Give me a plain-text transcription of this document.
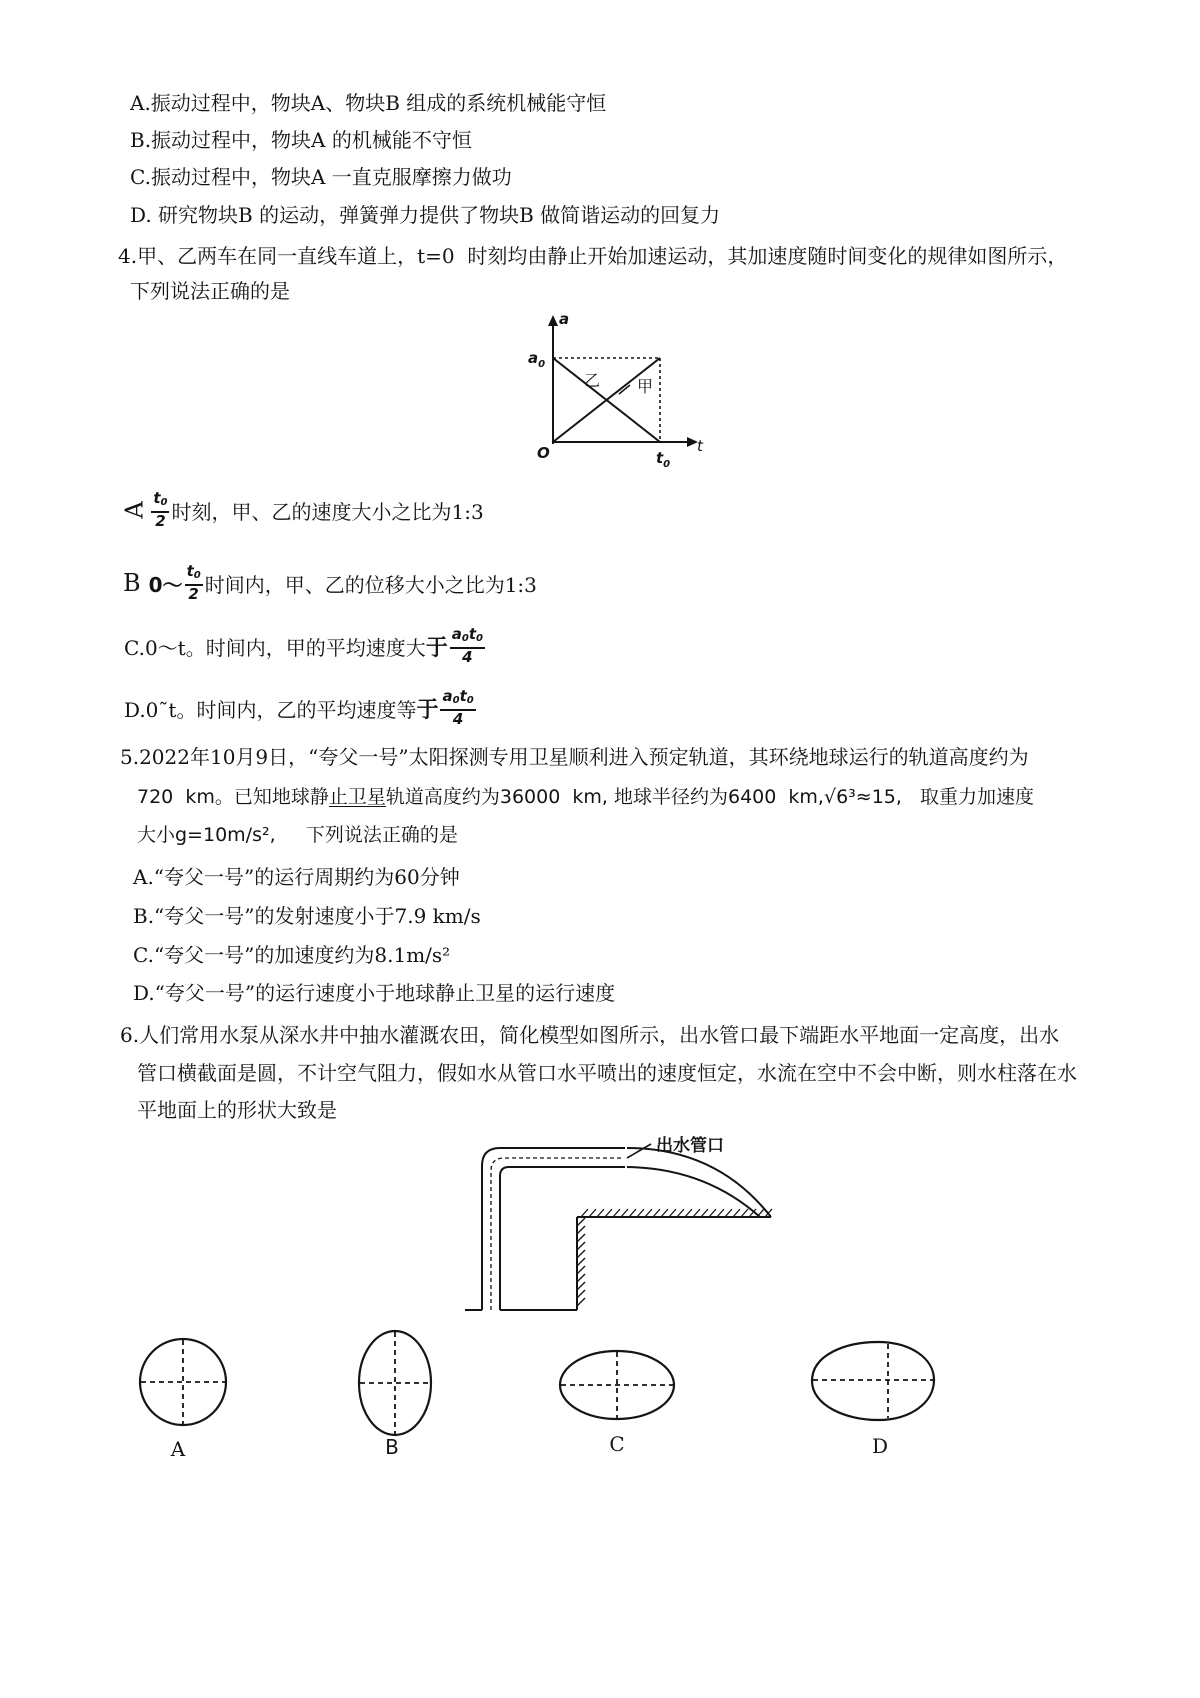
A.振动过程中，物块A、物块B 组成的系统机械能守恒
B.振动过程中，物块A 的机械能不守恒
C.振动过程中，物块A 一直克服摩擦力做功
D. 研究物块B 的运动，弹簧弹力提供了物块B 做简谐运动的回复力
4.甲、乙两车在同一直线车道上，t=0  时刻均由静止开始加速运动，其加速度随时间变化的规律如图所示，
下列说法正确的是
a
$a_0$
乙 甲
O	$t_0$
t
A $\frac{t_0}{2}$ 时刻，甲、乙的速度大小之比为1:3
B 0～ $\frac{t_0}{2}$ 时间内，甲、乙的位移大小之比为1:3
C.0～t。时间内，甲的平均速度大 于 $\frac{a_0t_0}{4}$
D.0˜t。时间内，乙的平均速度等 于 $\frac{a_0t_0}{4}$
5.2022年10月9日，“夸父一号”太阳探测专用卫星顺利进入预定轨道，其环绕地球运行的轨道高度约为
720  km。已知地球静止卫星轨道高度约为36000  km, 地球半径约为6400  km,√6³≈15,   取重力加速度
大小g=10m/s²,     下列说法正确的是
A.“夸父一号”的运行周期约为60分钟
B.“夸父一号”的发射速度小于7.9 km/s
C.“夸父一号”的加速度约为8.1m/s²
D.“夸父一号”的运行速度小于地球静止卫星的运行速度
6.人们常用水泵从深水井中抽水灌溉农田，简化模型如图所示，出水管口最下端距水平地面一定高度，出水
管口横截面是圆，不计空气阻力，假如水从管口水平喷出的速度恒定，水流在空中不会中断，则水柱落在水
平地面上的形状大致是
出水管口
A	B	C	D
